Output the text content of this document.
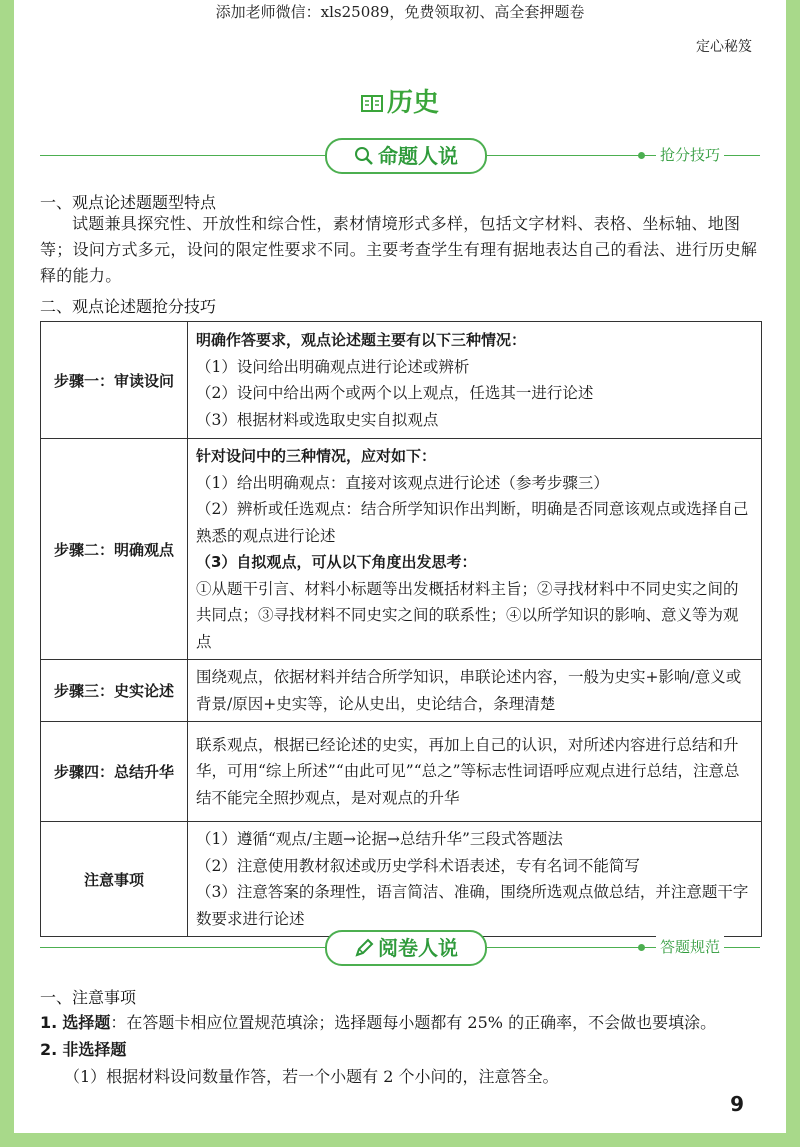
添加老师微信：xls25089，免费领取初、高全套押题卷
定心秘笈
历史
命题人说	抢分技巧
一、观点论述题题型特点
试题兼具探究性、开放性和综合性，素材情境形式多样，包括文字材料、表格、坐标轴、地图等；设问方式多元，设问的限定性要求不同。主要考查学生有理有据地表达自己的看法、进行历史解释的能力。
二、观点论述题抢分技巧
步骤一：审读设问	明确作答要求，观点论述题主要有以下三种情况：
（1）设问给出明确观点进行论述或辨析
（2）设问中给出两个或两个以上观点，任选其一进行论述
（3）根据材料或选取史实自拟观点

步骤二：明确观点	针对设问中的三种情况，应对如下：
（1）给出明确观点：直接对该观点进行论述（参考步骤三）
（2）辨析或任选观点：结合所学知识作出判断，明确是否同意该观点或选择自己熟悉的观点进行论述
（3）自拟观点，可从以下角度出发思考：
①从题干引言、材料小标题等出发概括材料主旨；②寻找材料中不同史实之间的共同点；③寻找材料不同史实之间的联系性；④以所学知识的影响、意义等为观点

步骤三：史实论述	围绕观点，依据材料并结合所学知识，串联论述内容，一般为史实+影响/意义或背景/原因+史实等，论从史出，史论结合，条理清楚

步骤四：总结升华	联系观点，根据已经论述的史实，再加上自己的认识，对所述内容进行总结和升华，可用“综上所述”“由此可见”“总之”等标志性词语呼应观点进行总结，注意总结不能完全照抄观点，是对观点的升华

注意事项	（1）遵循“观点/主题→论据→总结升华”三段式答题法
（2）注意使用教材叙述或历史学科术语表述，专有名词不能简写
（3）注意答案的条理性，语言简洁、准确，围绕所选观点做总结，并注意题干字数要求进行论述
阅卷人说	答题规范
一、注意事项
1. 选择题：在答题卡相应位置规范填涂；选择题每小题都有 25% 的正确率，不会做也要填涂。
2. 非选择题
（1）根据材料设问数量作答，若一个小题有 2 个小问的，注意答全。
9
